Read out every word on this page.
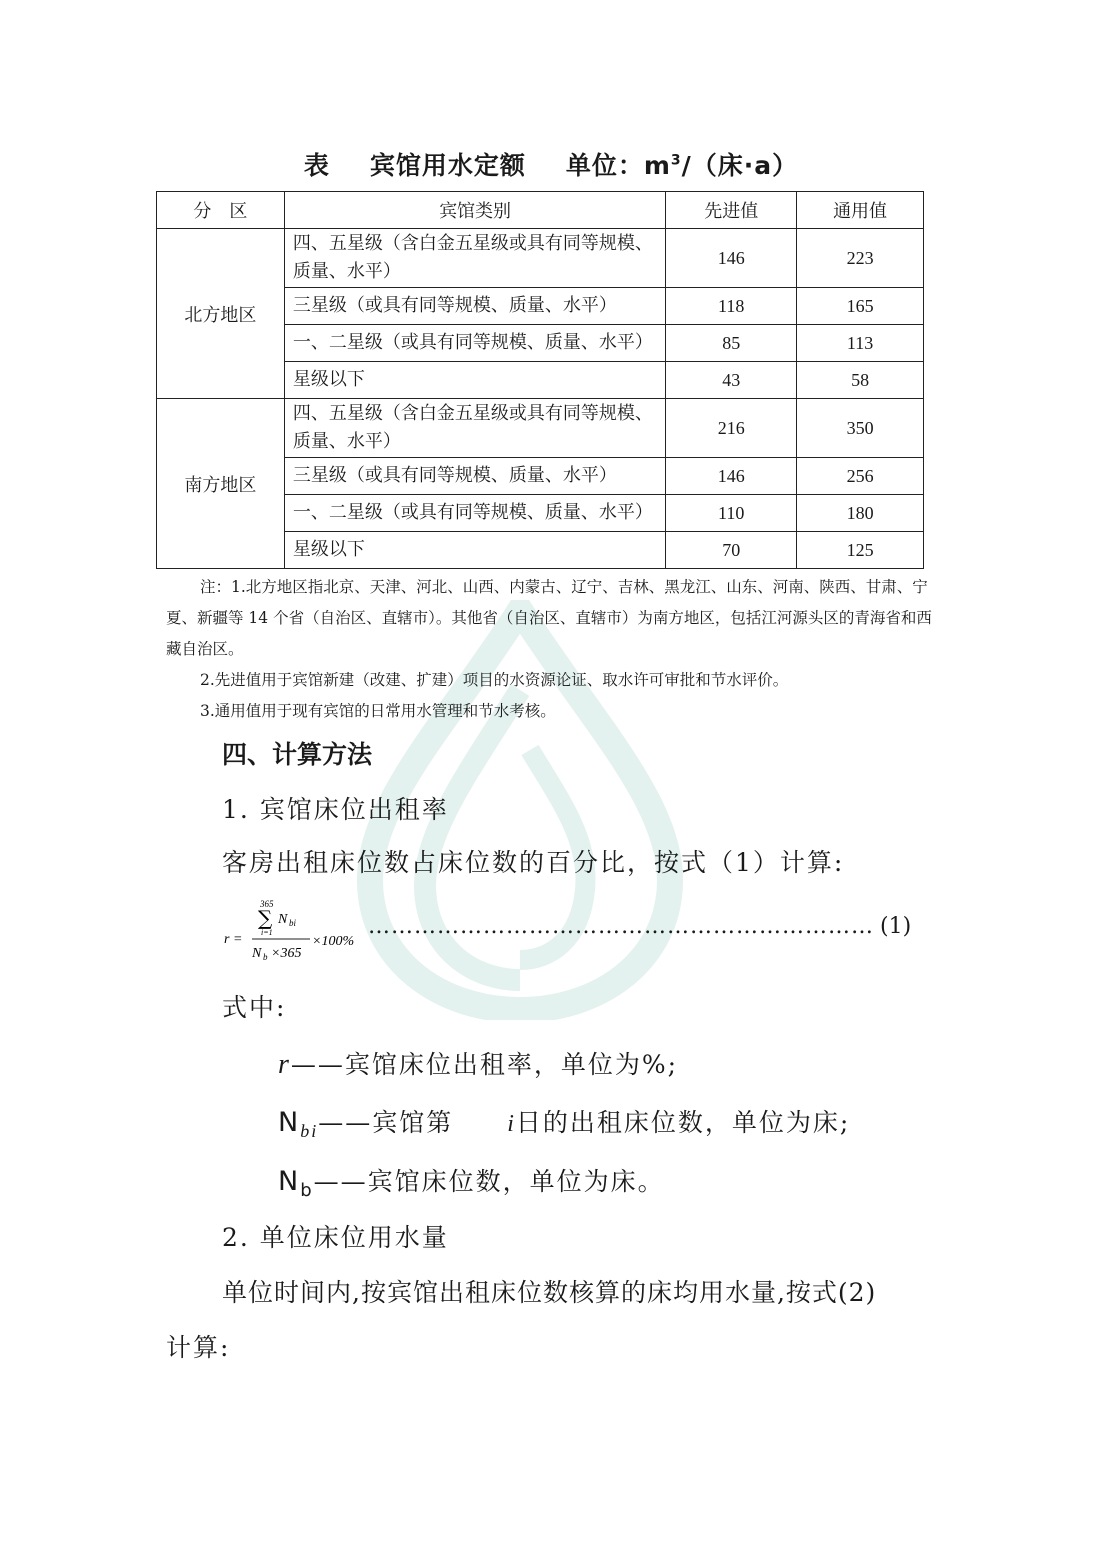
表 宾馆用水定额 单位：$m^3/$（床·a）
分　区	宾馆类别	先进值	通用值
北方地区	四、五星级（含白金五星级或具有同等规模、质量、水平）	146	223
	三星级（或具有同等规模、质量、水平）	118	165
	一、二星级（或具有同等规模、质量、水平）	85	113
	星级以下	43	58
南方地区	四、五星级（含白金五星级或具有同等规模、质量、水平）	216	350
	三星级（或具有同等规模、质量、水平）	146	256
	一、二星级（或具有同等规模、质量、水平）	110	180
	星级以下	70	125

注：1.北方地区指北京、天津、河北、山西、内蒙古、辽宁、吉林、黑龙江、山东、河南、陕西、甘肃、宁夏、新疆等 14 个省（自治区、直辖市）。其他省（自治区、直辖市）为南方地区，包括江河源头区的青海省和西藏自治区。

2.先进值用于宾馆新建（改建、扩建）项目的水资源论证、取水许可审批和节水评价。

3.通用值用于现有宾馆的日常用水管理和节水考核。

四、计算方法
1. 宾馆床位出租率
客房出租床位数占床位数的百分比，按式（1）计算:
r =
365
∑
i=1
N bi
N b ×365
×100%
………………………………………………………… (1)
式中:
r——宾馆床位出租率，单位为%;
$N_{bi}——$宾馆第 i日的出租床位数，单位为床;
$N_b——$宾馆床位数，单位为床。
2. 单位床位用水量
单位时间内,按宾馆出租床位数核算的床均用水量,按式(2)
计算:
